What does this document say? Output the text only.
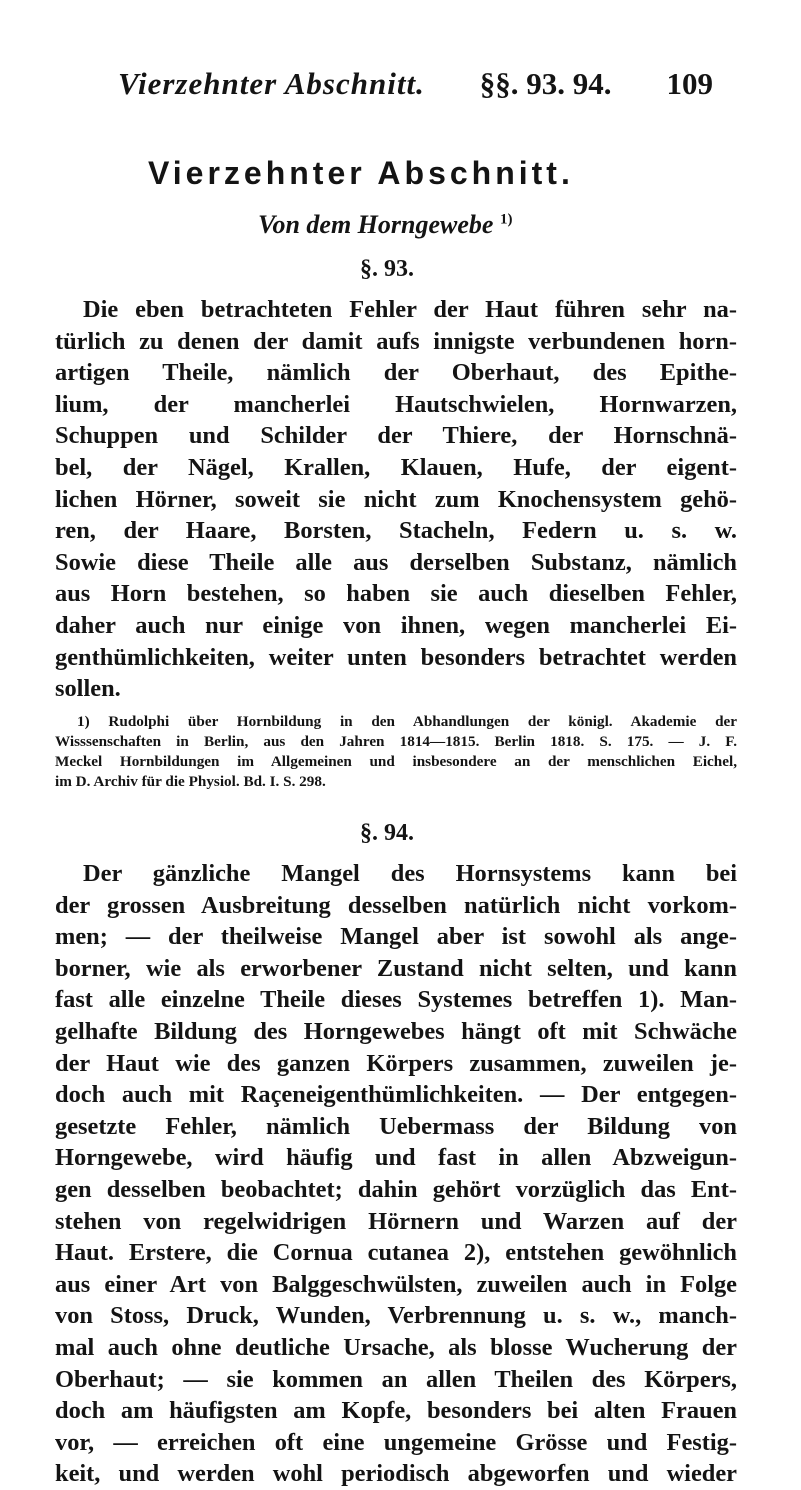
Vierzehnter Abschnitt. §§. 93. 94. 109
Vierzehnter Abschnitt.
Von dem Horngewebe $^{1)}$
§. 93.
Die eben betrachteten Fehler der Haut führen sehr na-
türlich zu denen der damit aufs innigste verbundenen horn-
artigen Theile, nämlich der Oberhaut, des Epithe-
lium, der mancherlei Hautschwielen, Hornwarzen,
Schuppen und Schilder der Thiere, der Hornschnä-
bel, der Nägel, Krallen, Klauen, Hufe, der eigent-
lichen Hörner, soweit sie nicht zum Knochensystem gehö-
ren, der Haare, Borsten, Stacheln, Federn u. s. w.
Sowie diese Theile alle aus derselben Substanz, nämlich
aus Horn bestehen, so haben sie auch dieselben Fehler,
daher auch nur einige von ihnen, wegen mancherlei Ei-
genthümlichkeiten, weiter unten besonders betrachtet werden
sollen.
1) Rudolphi über Hornbildung in den Abhandlungen der königl. Akademie der
Wisssenschaften in Berlin, aus den Jahren 1814—1815. Berlin 1818. S. 175. — J. F.
Meckel Hornbildungen im Allgemeinen und insbesondere an der menschlichen Eichel,
im D. Archiv für die Physiol. Bd. I. S. 298.
§. 94.
Der gänzliche Mangel des Hornsystems kann bei
der grossen Ausbreitung desselben natürlich nicht vorkom-
men; — der theilweise Mangel aber ist sowohl als ange-
borner, wie als erworbener Zustand nicht selten, und kann
fast alle einzelne Theile dieses Systemes betreffen 1). Man-
gelhafte Bildung des Horngewebes hängt oft mit Schwäche
der Haut wie des ganzen Körpers zusammen, zuweilen je-
doch auch mit Raçeneigenthümlichkeiten. — Der entgegen-
gesetzte Fehler, nämlich Uebermass der Bildung von
Horngewebe, wird häufig und fast in allen Abzweigun-
gen desselben beobachtet; dahin gehört vorzüglich das Ent-
stehen von regelwidrigen Hörnern und Warzen auf der
Haut. Erstere, die Cornua cutanea 2), entstehen gewöhnlich
aus einer Art von Balggeschwülsten, zuweilen auch in Folge
von Stoss, Druck, Wunden, Verbrennung u. s. w., manch-
mal auch ohne deutliche Ursache, als blosse Wucherung der
Oberhaut; — sie kommen an allen Theilen des Körpers,
doch am häufigsten am Kopfe, besonders bei alten Frauen
vor, — erreichen oft eine ungemeine Grösse und Festig-
keit, und werden wohl periodisch abgeworfen und wieder
